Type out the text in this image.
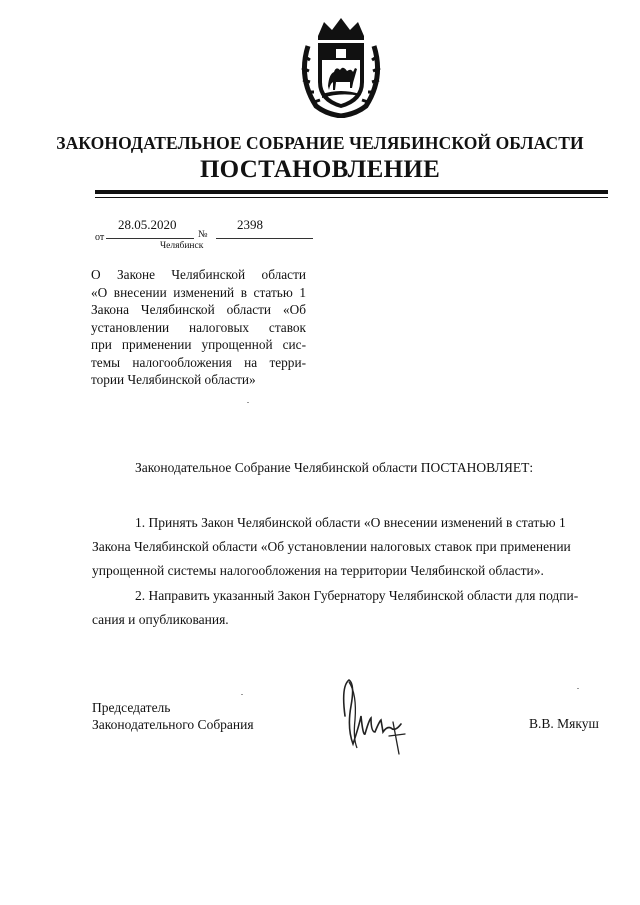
ЗАКОНОДАТЕЛЬНОЕ СОБРАНИЕ ЧЕЛЯБИНСКОЙ ОБЛАСТИ
ПОСТАНОВЛЕНИЕ
от
28.05.2020
№
2398
Челябинск
О Законе Челябинской области
«О внесении изменений в статью 1
Закона Челябинской области «Об
установлении налоговых ставок
при применении упрощенной сис-
темы налогообложения на терри-
тории Челябинской области»
Законодательное Собрание Челябинской области ПОСТАНОВЛЯЕТ:
1. Принять Закон Челябинской области «О внесении изменений в статью 1
Закона Челябинской области «Об установлении налоговых ставок при применении
упрощенной системы налогообложения на территории Челябинской области».
2. Направить указанный Закон Губернатору Челябинской области для подпи-
сания и опубликования.
Председатель
Законодательного Собрания	В.В. Мякуш
